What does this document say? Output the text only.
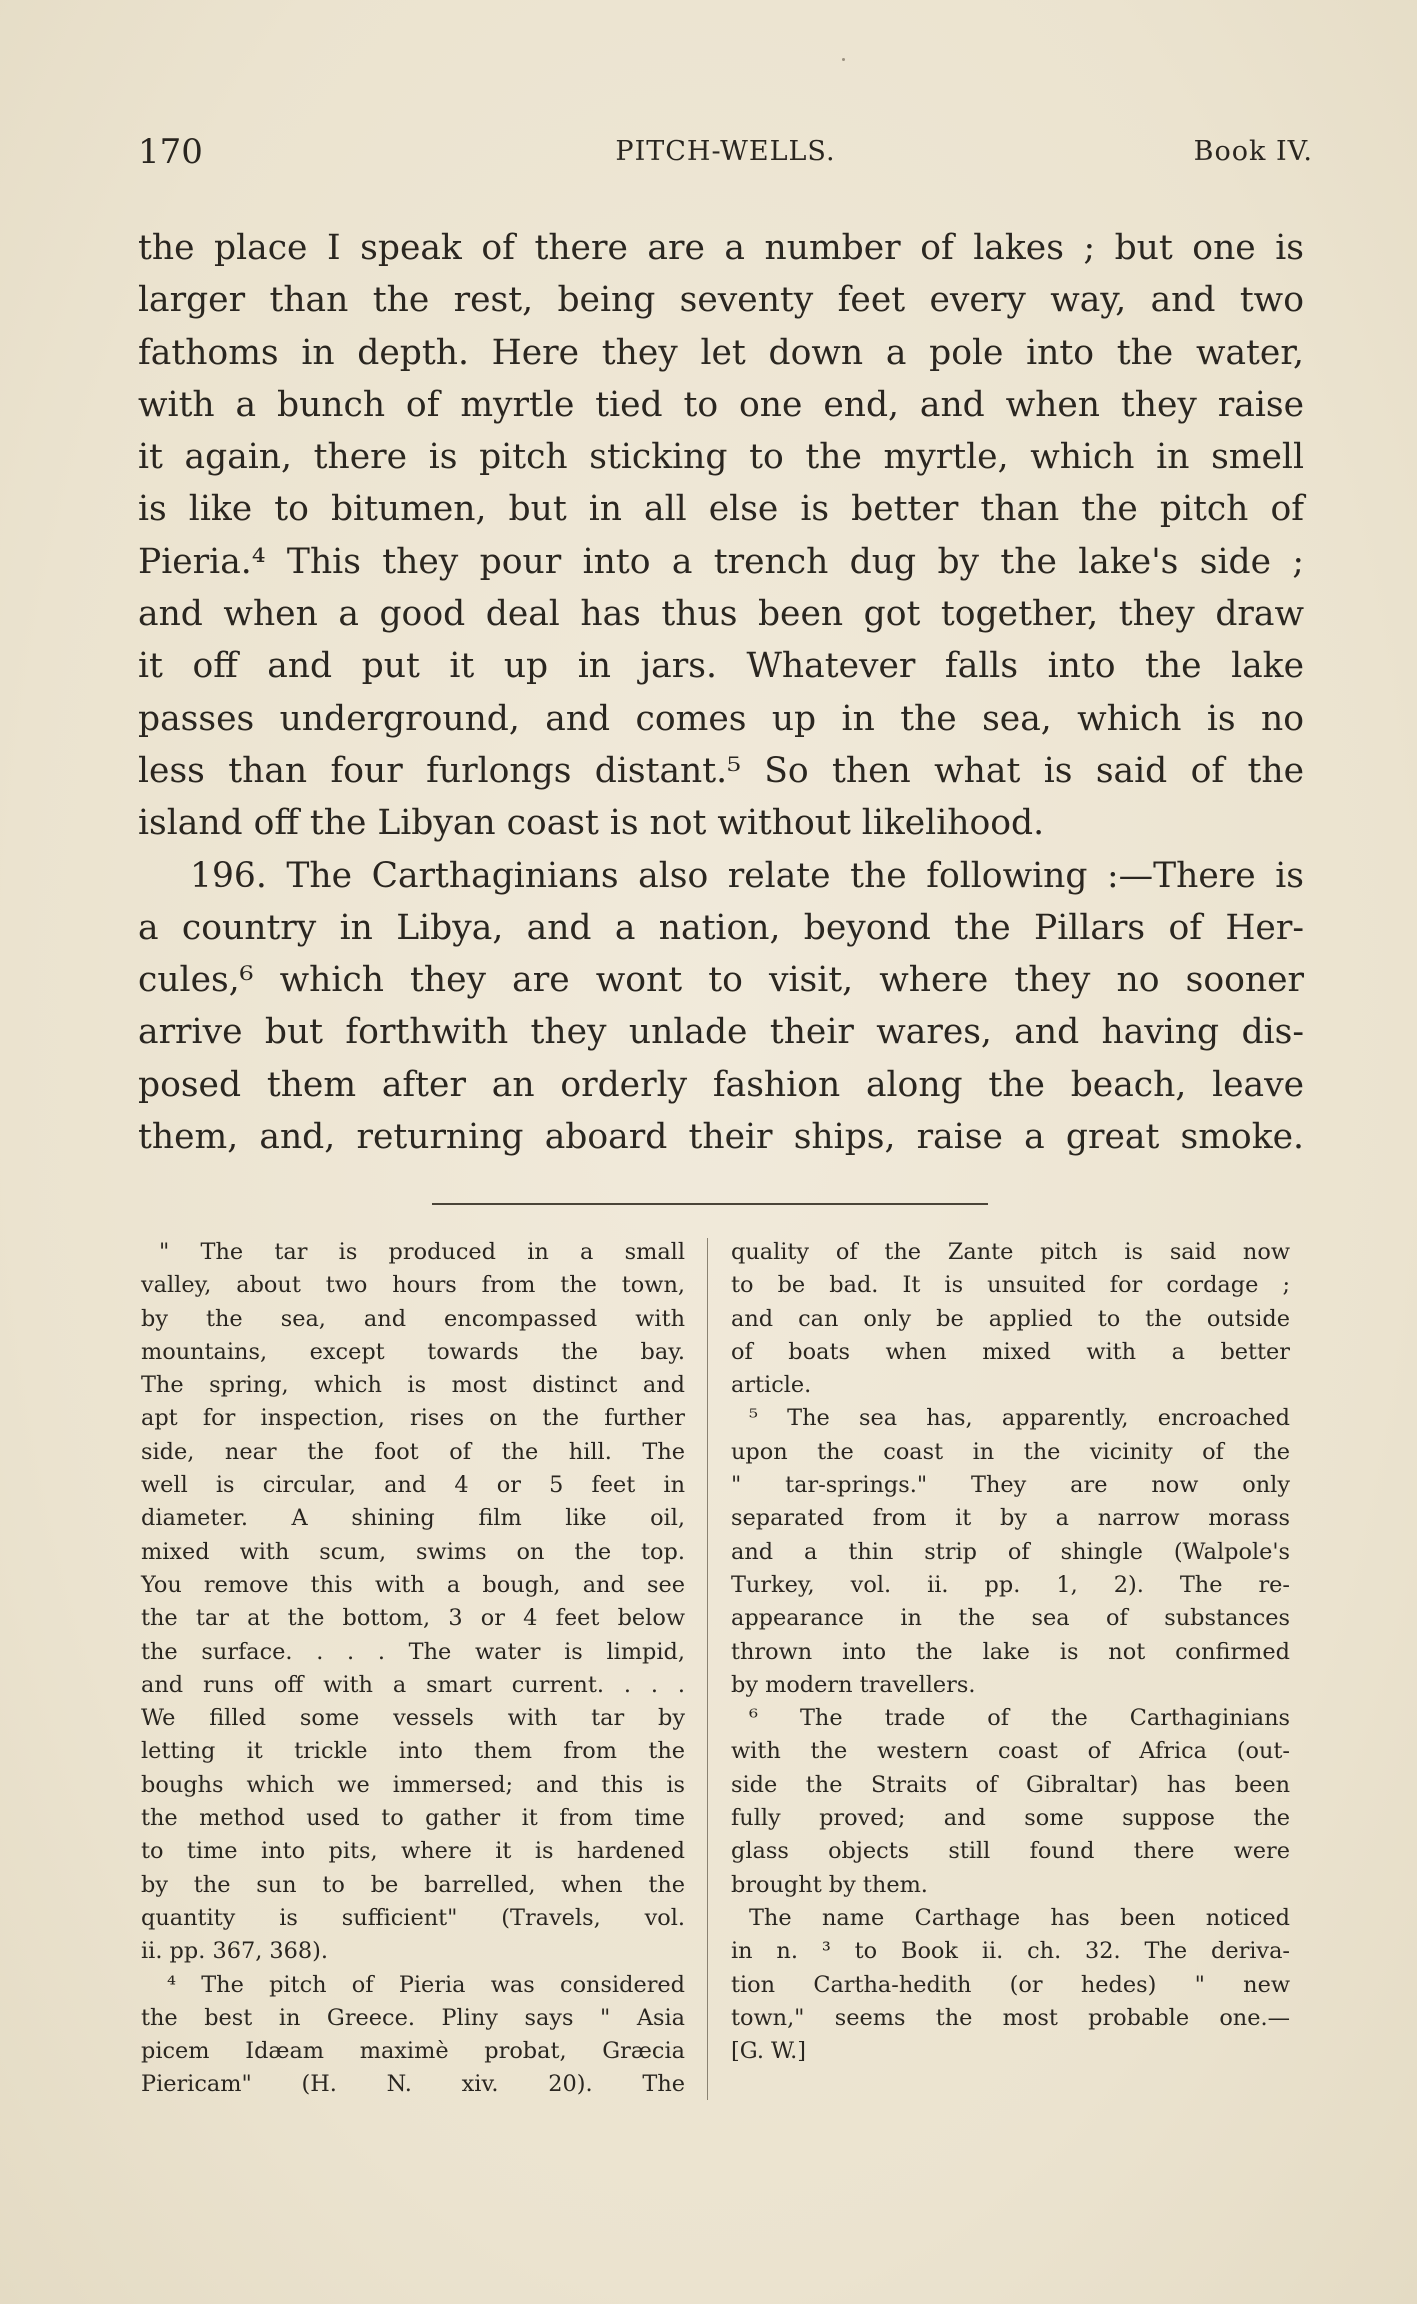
PITCH-WELLS.
170	Book IV.
the place I speak of there are a number of lakes ; but one is
larger than the rest, being seventy feet every way, and two
fathoms in depth. Here they let down a pole into the water,
with a bunch of myrtle tied to one end, and when they raise
it again, there is pitch sticking to the myrtle, which in smell
is like to bitumen, but in all else is better than the pitch of
Pieria.⁴ This they pour into a trench dug by the lake's side ;
and when a good deal has thus been got together, they draw
it off and put it up in jars. Whatever falls into the lake
passes underground, and comes up in the sea, which is no
less than four furlongs distant.⁵ So then what is said of the
island off the Libyan coast is not without likelihood.
196. The Carthaginians also relate the following :—There is
a country in Libya, and a nation, beyond the Pillars of Her-
cules,⁶ which they are wont to visit, where they no sooner
arrive but forthwith they unlade their wares, and having dis-
posed them after an orderly fashion along the beach, leave
them, and, returning aboard their ships, raise a great smoke.
" The tar is produced in a small
valley, about two hours from the town,
by the sea, and encompassed with
mountains, except towards the bay.
The spring, which is most distinct and
apt for inspection, rises on the further
side, near the foot of the hill. The
well is circular, and 4 or 5 feet in
diameter. A shining film like oil,
mixed with scum, swims on the top.
You remove this with a bough, and see
the tar at the bottom, 3 or 4 feet below
the surface. . . . The water is limpid,
and runs off with a smart current. . . .
We filled some vessels with tar by
letting it trickle into them from the
boughs which we immersed; and this is
the method used to gather it from time
to time into pits, where it is hardened
by the sun to be barrelled, when the
quantity is sufficient" (Travels, vol.
ii. pp. 367, 368).
⁴ The pitch of Pieria was considered
the best in Greece. Pliny says " Asia
picem Idæam maximè probat, Græcia
Piericam" (H. N. xiv. 20). The
quality of the Zante pitch is said now
to be bad. It is unsuited for cordage ;
and can only be applied to the outside
of boats when mixed with a better
article.
⁵ The sea has, apparently, encroached
upon the coast in the vicinity of the
" tar-springs." They are now only
separated from it by a narrow morass
and a thin strip of shingle (Walpole's
Turkey, vol. ii. pp. 1, 2). The re-
appearance in the sea of substances
thrown into the lake is not confirmed
by modern travellers.
⁶ The trade of the Carthaginians
with the western coast of Africa (out-
side the Straits of Gibraltar) has been
fully proved; and some suppose the
glass objects still found there were
brought by them.
The name Carthage has been noticed
in n. ³ to Book ii. ch. 32. The deriva-
tion Cartha-hedith (or hedes) " new
town," seems the most probable one.—
[G. W.]
